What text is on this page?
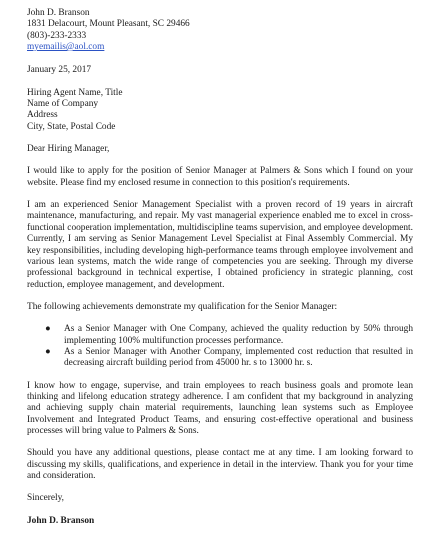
John D. Branson
1831 Delacourt, Mount Pleasant, SC 29466
(803)-233-2333
myemailis@aol.com
January 25, 2017
Hiring Agent Name, Title
Name of Company
Address
City, State, Postal Code
Dear Hiring Manager,

I would like to apply for the position of Senior Manager at Palmers & Sons which I found on your website. Please find my enclosed resume in connection to this position's requirements.

I am an experienced Senior Management Specialist with a proven record of 19 years in aircraft maintenance, manufacturing, and repair. My vast managerial experience enabled me to excel in cross-functional cooperation implementation, multidiscipline teams supervision, and employee development. Currently, I am serving as Senior Management Level Specialist at Final Assembly Commercial. My key responsibilities, including developing high-performance teams through employee involvement and various lean systems, match the wide range of competencies you are seeking. Through my diverse professional background in technical expertise, I obtained proficiency in strategic planning, cost reduction, employee management, and development.

The following achievements demonstrate my qualification for the Senior Manager:

● As a Senior Manager with One Company, achieved the quality reduction by 50% through implementing 100% multifunction processes performance.
● As a Senior Manager with Another Company, implemented cost reduction that resulted in decreasing aircraft building period from 45000 hr. s to 13000 hr. s.

I know how to engage, supervise, and train employees to reach business goals and promote lean thinking and lifelong education strategy adherence. I am confident that my background in analyzing and achieving supply chain material requirements, launching lean systems such as Employee Involvement and Integrated Product Teams, and ensuring cost-effective operational and business processes will bring value to Palmers & Sons.

Should you have any additional questions, please contact me at any time. I am looking forward to discussing my skills, qualifications, and experience in detail in the interview. Thank you for your time and consideration.

Sincerely,
John D. Branson
